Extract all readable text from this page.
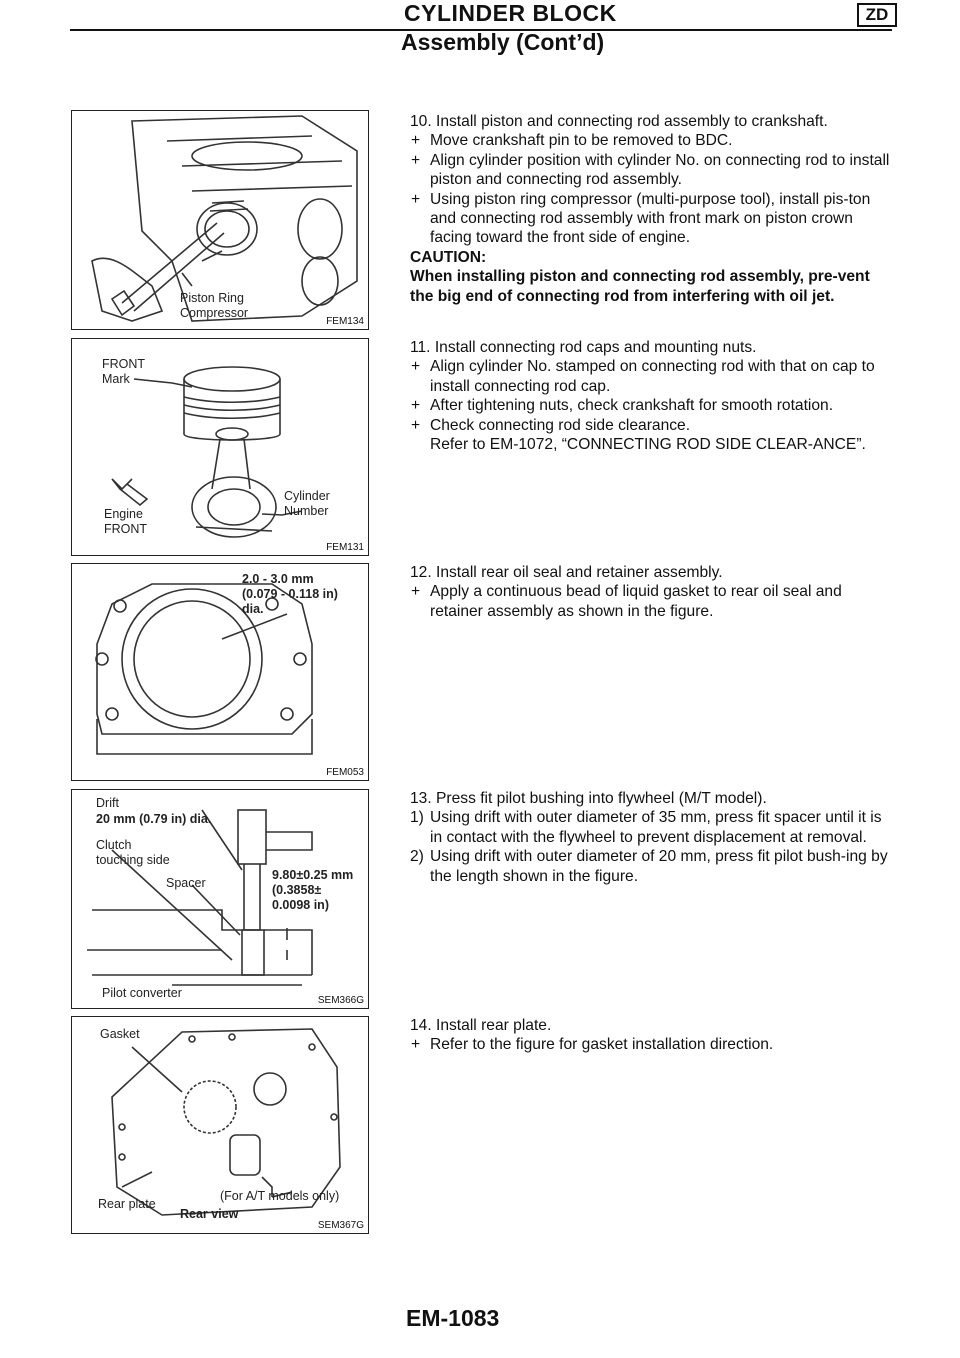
CYLINDER BLOCK	ZD
Assembly (Cont’d)
Piston Ring
Compressor
FEM134
FRONT
Mark
Engine
FRONT
Cylinder
Number
FEM131
2.0 - 3.0 mm
(0.079 - 0.118 in)
dia.
FEM053
Drift
20 mm (0.79 in) dia.
Clutch
touching side
Spacer
9.80±0.25 mm
(0.3858±
0.0098 in)
Pilot converter
SEM366G
Gasket
Rear plate
(For A/T models only)
Rear view
SEM367G

10. Install piston and connecting rod assembly to crankshaft.

+ Move crankshaft pin to be removed to BDC.

+ Align cylinder position with cylinder No. on connecting rod to install piston and connecting rod assembly.

+ Using piston ring compressor (multi-purpose tool), install pis-ton and connecting rod assembly with front mark on piston crown facing toward the front side of engine.

CAUTION:

When installing piston and connecting rod assembly, pre-vent the big end of connecting rod from interfering with oil jet.

11. Install connecting rod caps and mounting nuts.

+ Align cylinder No. stamped on connecting rod with that on cap to install connecting rod cap.

+ After tightening nuts, check crankshaft for smooth rotation.

+ Check connecting rod side clearance.

Refer to EM-1072, “CONNECTING ROD SIDE CLEAR-ANCE”.

12. Install rear oil seal and retainer assembly.

+ Apply a continuous bead of liquid gasket to rear oil seal and retainer assembly as shown in the figure.

13. Press fit pilot bushing into flywheel (M/T model).

1) Using drift with outer diameter of 35 mm, press fit spacer until it is in contact with the flywheel to prevent displacement at removal.

2) Using drift with outer diameter of 20 mm, press fit pilot bush-ing by the length shown in the figure.

14. Install rear plate.

+ Refer to the figure for gasket installation direction.

EM-1083
